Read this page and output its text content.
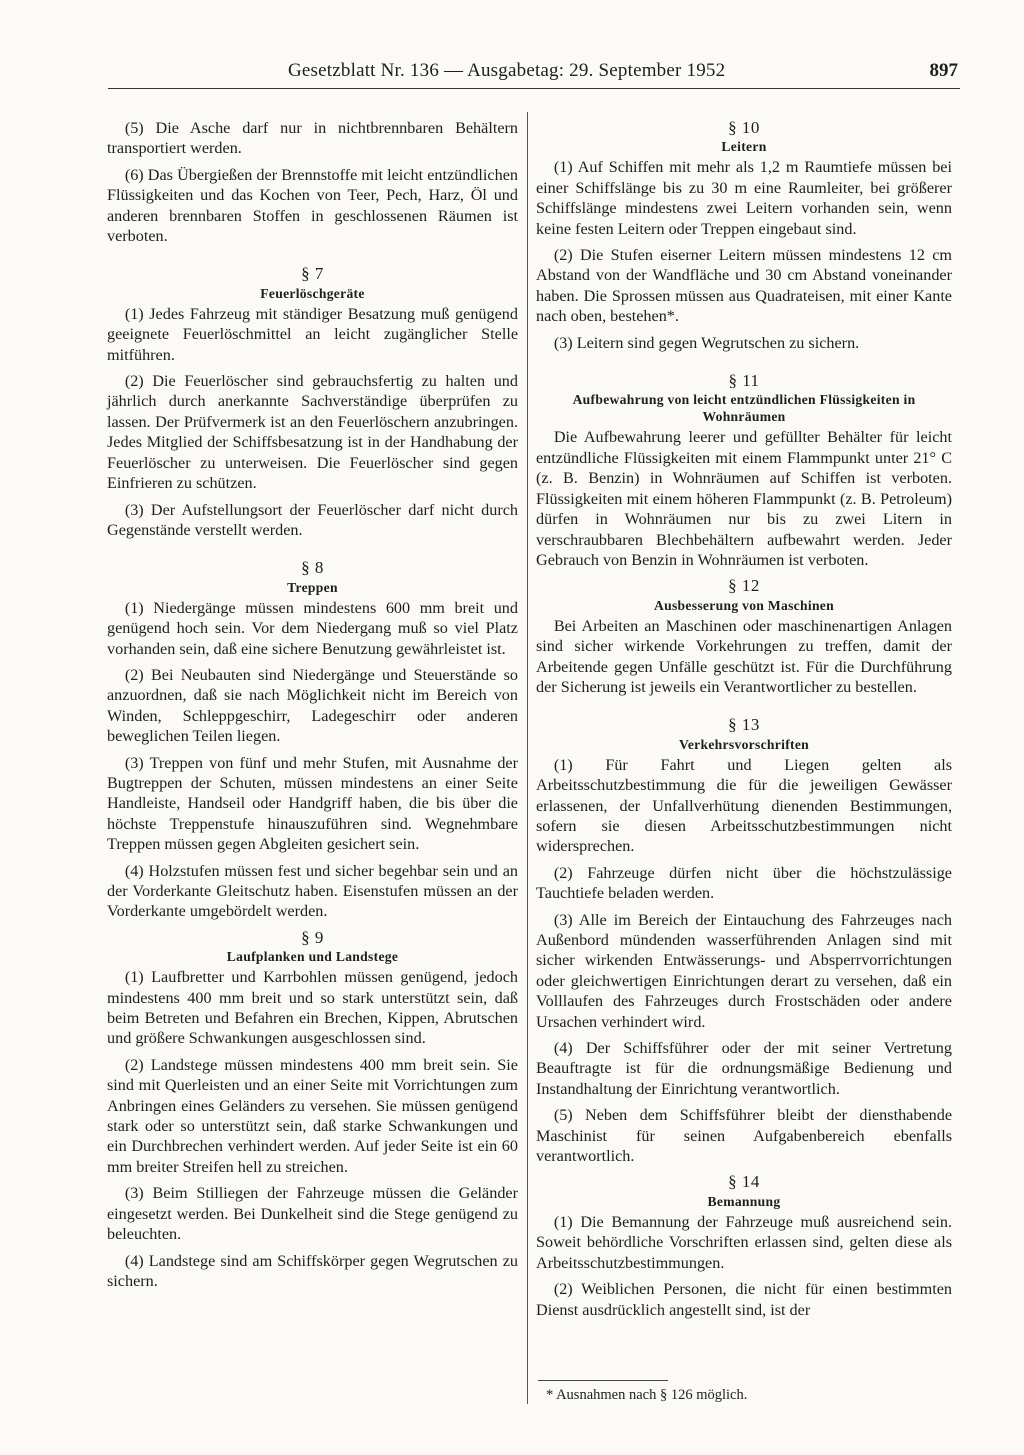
Gesetzblatt Nr. 136 — Ausgabetag: 29. September 1952	897

(5) Die Asche darf nur in nichtbrennbaren Behältern transportiert werden.

(6) Das Übergießen der Brennstoffe mit leicht entzündlichen Flüssigkeiten und das Kochen von Teer, Pech, Harz, Öl und anderen brennbaren Stoffen in geschlossenen Räumen ist verboten.

§ 7
Feuerlöschgeräte

(1) Jedes Fahrzeug mit ständiger Besatzung muß genügend geeignete Feuerlöschmittel an leicht zugänglicher Stelle mitführen.

(2) Die Feuerlöscher sind gebrauchsfertig zu halten und jährlich durch anerkannte Sachverständige überprüfen zu lassen. Der Prüfvermerk ist an den Feuerlöschern anzubringen. Jedes Mitglied der Schiffsbesatzung ist in der Handhabung der Feuerlöscher zu unterweisen. Die Feuerlöscher sind gegen Einfrieren zu schützen.

(3) Der Aufstellungsort der Feuerlöscher darf nicht durch Gegenstände verstellt werden.

§ 8
Treppen

(1) Niedergänge müssen mindestens 600 mm breit und genügend hoch sein. Vor dem Niedergang muß so viel Platz vorhanden sein, daß eine sichere Benutzung gewährleistet ist.

(2) Bei Neubauten sind Niedergänge und Steuerstände so anzuordnen, daß sie nach Möglichkeit nicht im Bereich von Winden, Schleppgeschirr, Ladegeschirr oder anderen beweglichen Teilen liegen.

(3) Treppen von fünf und mehr Stufen, mit Ausnahme der Bugtreppen der Schuten, müssen mindestens an einer Seite Handleiste, Handseil oder Handgriff haben, die bis über die höchste Treppenstufe hinauszuführen sind. Wegnehmbare Treppen müssen gegen Abgleiten gesichert sein.

(4) Holzstufen müssen fest und sicher begehbar sein und an der Vorderkante Gleitschutz haben. Eisenstufen müssen an der Vorderkante umgebördelt werden.

§ 9
Laufplanken und Landstege

(1) Laufbretter und Karrbohlen müssen genügend, jedoch mindestens 400 mm breit und so stark unterstützt sein, daß beim Betreten und Befahren ein Brechen, Kippen, Abrutschen und größere Schwankungen ausgeschlossen sind.

(2) Landstege müssen mindestens 400 mm breit sein. Sie sind mit Querleisten und an einer Seite mit Vorrichtungen zum Anbringen eines Geländers zu versehen. Sie müssen genügend stark oder so unterstützt sein, daß starke Schwankungen und ein Durchbrechen verhindert werden. Auf jeder Seite ist ein 60 mm breiter Streifen hell zu streichen.

(3) Beim Stilliegen der Fahrzeuge müssen die Geländer eingesetzt werden. Bei Dunkelheit sind die Stege genügend zu beleuchten.

(4) Landstege sind am Schiffskörper gegen Wegrutschen zu sichern.

§ 10
Leitern

(1) Auf Schiffen mit mehr als 1,2 m Raumtiefe müssen bei einer Schiffslänge bis zu 30 m eine Raumleiter, bei größerer Schiffslänge mindestens zwei Leitern vorhanden sein, wenn keine festen Leitern oder Treppen eingebaut sind.

(2) Die Stufen eiserner Leitern müssen mindestens 12 cm Abstand von der Wandfläche und 30 cm Abstand voneinander haben. Die Sprossen müssen aus Quadrateisen, mit einer Kante nach oben, bestehen*.

(3) Leitern sind gegen Wegrutschen zu sichern.

§ 11
Aufbewahrung von leicht entzündlichen Flüssigkeiten in Wohnräumen

Die Aufbewahrung leerer und gefüllter Behälter für leicht entzündliche Flüssigkeiten mit einem Flammpunkt unter 21° C (z. B. Benzin) in Wohnräumen auf Schiffen ist verboten. Flüssigkeiten mit einem höheren Flammpunkt (z. B. Petroleum) dürfen in Wohnräumen nur bis zu zwei Litern in verschraubbaren Blechbehältern aufbewahrt werden. Jeder Gebrauch von Benzin in Wohnräumen ist verboten.

§ 12
Ausbesserung von Maschinen

Bei Arbeiten an Maschinen oder maschinenartigen Anlagen sind sicher wirkende Vorkehrungen zu treffen, damit der Arbeitende gegen Unfälle geschützt ist. Für die Durchführung der Sicherung ist jeweils ein Verantwortlicher zu bestellen.

§ 13
Verkehrsvorschriften

(1) Für Fahrt und Liegen gelten als Arbeitsschutzbestimmung die für die jeweiligen Gewässer erlassenen, der Unfallverhütung dienenden Bestimmungen, sofern sie diesen Arbeitsschutzbestimmungen nicht widersprechen.

(2) Fahrzeuge dürfen nicht über die höchstzulässige Tauchtiefe beladen werden.

(3) Alle im Bereich der Eintauchung des Fahrzeuges nach Außenbord mündenden wasserführenden Anlagen sind mit sicher wirkenden Entwässerungs- und Absperrvorrichtungen oder gleichwertigen Einrichtungen derart zu versehen, daß ein Volllaufen des Fahrzeuges durch Frostschäden oder andere Ursachen verhindert wird.

(4) Der Schiffsführer oder der mit seiner Vertretung Beauftragte ist für die ordnungsmäßige Bedienung und Instandhaltung der Einrichtung verantwortlich.

(5) Neben dem Schiffsführer bleibt der diensthabende Maschinist für seinen Aufgabenbereich ebenfalls verantwortlich.

§ 14
Bemannung

(1) Die Bemannung der Fahrzeuge muß ausreichend sein. Soweit behördliche Vorschriften erlassen sind, gelten diese als Arbeitsschutzbestimmungen.

(2) Weiblichen Personen, die nicht für einen bestimmten Dienst ausdrücklich angestellt sind, ist der

* Ausnahmen nach § 126 möglich.
